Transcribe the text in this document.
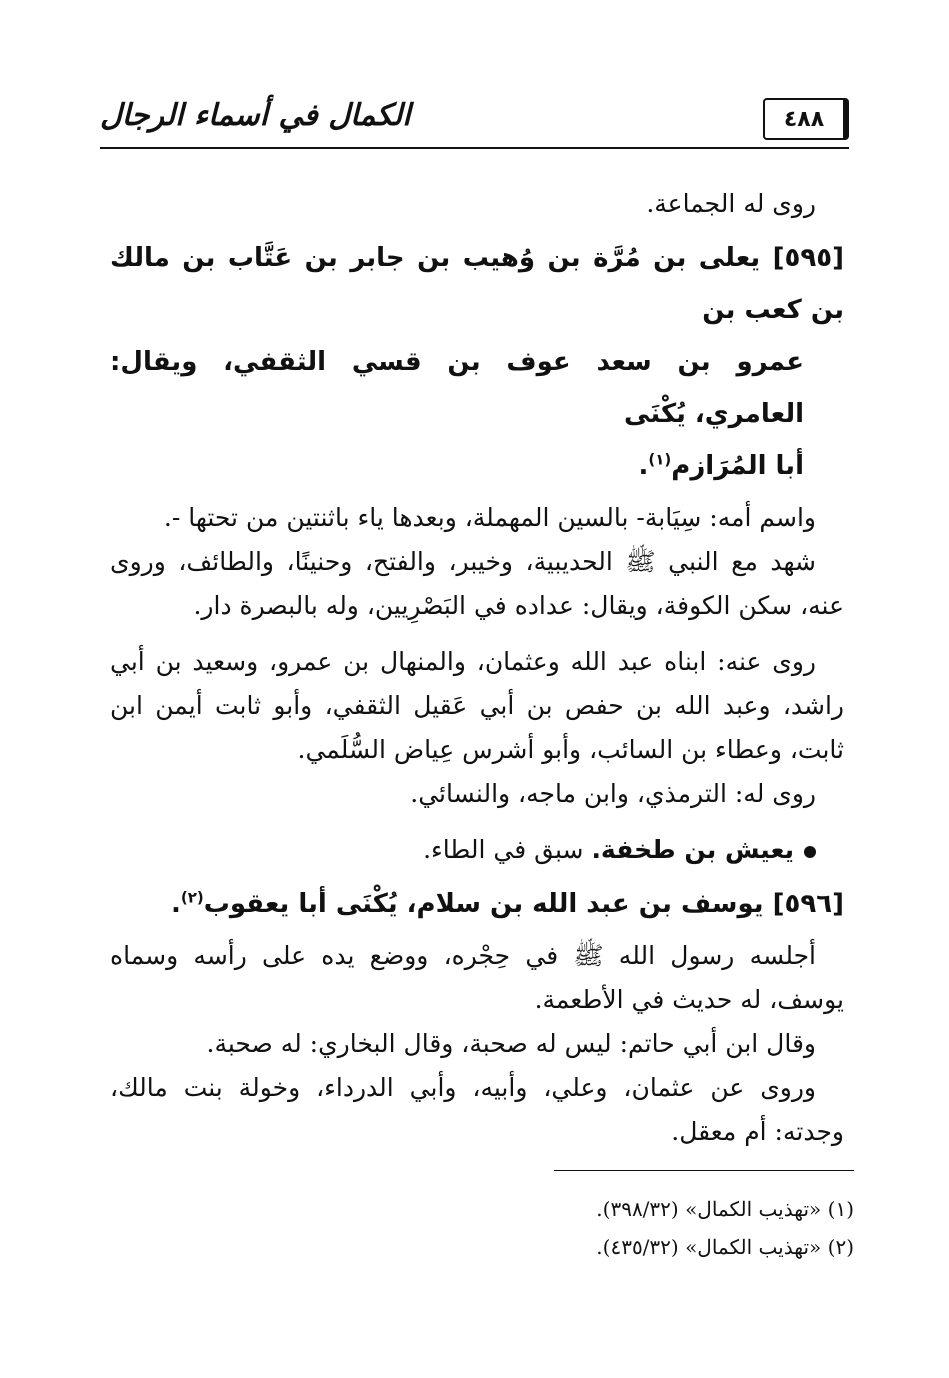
٤٨٨
الكمال في أسماء الرجال

روى له الجماعة.

[٥٩٥] يعلى بن مُرَّة بن وُهيب بن جابر بن عَتَّاب بن مالك بن كعب بن
عمرو بن سعد عوف بن قسي الثقفي، ويقال: العامري، يُكْنَى
أبا المُرَازم$^{(١)}$.

واسم أمه: سِيَابة- بالسين المهملة، وبعدها ياء باثنتين من تحتها -.

شهد مع النبي ﷺ الحديبية، وخيبر، والفتح، وحنينًا، والطائف، وروى عنه، سكن الكوفة، ويقال: عداده في البَصْرِيين، وله بالبصرة دار.

روى عنه: ابناه عبد الله وعثمان، والمنهال بن عمرو، وسعيد بن أبي راشد، وعبد الله بن حفص بن أبي عَقيل الثقفي، وأبو ثابت أيمن ابن ثابت، وعطاء بن السائب، وأبو أشرس عِياض السُّلَمي.

روى له: الترمذي، وابن ماجه، والنسائي.

يعيش بن طخفة. سبق في الطاء.

[٥٩٦] يوسف بن عبد الله بن سلام، يُكْنَى أبا يعقوب$^{(٢)}$.

أجلسه رسول الله ﷺ في حِجْره، ووضع يده على رأسه وسماه يوسف، له حديث في الأطعمة.

وقال ابن أبي حاتم: ليس له صحبة، وقال البخاري: له صحبة.

وروى عن عثمان، وعلي، وأبيه، وأبي الدرداء، وخولة بنت مالك، وجدته: أم معقل.

(١) «تهذيب الكمال» (٣٩٨/٣٢).

(٢) «تهذيب الكمال» (٤٣٥/٣٢).
